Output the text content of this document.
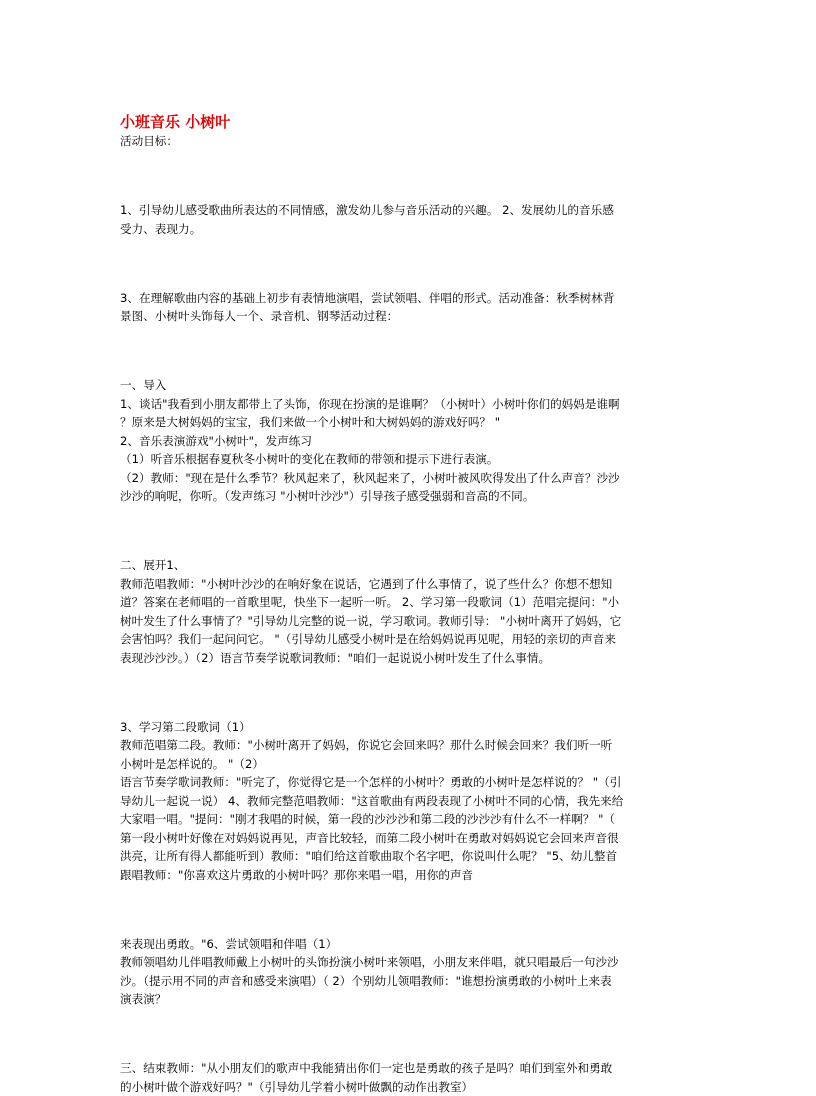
小班音乐 小树叶

活动目标：

1、引导幼儿感受歌曲所表达的不同情感，激发幼儿参与音乐活动的兴趣。 2、发展幼儿的音乐感

受力、表现力。

3、在理解歌曲内容的基础上初步有表情地演唱，尝试领唱、伴唱的形式。活动准备：秋季树林背

景图、小树叶头饰每人一个、录音机、钢琴活动过程：

一、导入

1、谈话"我看到小朋友都带上了头饰，你现在扮演的是谁啊？（小树叶）小树叶你们的妈妈是谁啊

？原来是大树妈妈的宝宝，我们来做一个小树叶和大树妈妈的游戏好吗？ "

2、音乐表演游戏"小树叶"，发声练习

（1）听音乐根据春夏秋冬小树叶的变化在教师的带领和提示下进行表演。

（2）教师："现在是什么季节？秋风起来了，秋风起来了，小树叶被风吹得发出了什么声音？沙沙

沙沙的响呢，你听。（发声练习 "小树叶沙沙"）引导孩子感受强弱和音高的不同。

二、展开1、

教师范唱教师："小树叶沙沙的在响好象在说话，它遇到了什么事情了，说了些什么？你想不想知

道？答案在老师唱的一首歌里呢，快坐下一起听一听。 2、学习第一段歌词（1）范唱完提问："小

树叶发生了什么事情了？"引导幼儿完整的说一说，学习歌词。教师引导： "小树叶离开了妈妈，它

会害怕吗？我们一起问问它。 "（引导幼儿感受小树叶是在给妈妈说再见呢，用轻的亲切的声音来

表现沙沙沙。）（2）语言节奏学说歌词教师："咱们一起说说小树叶发生了什么事情。

3、学习第二段歌词（1）

教师范唱第二段。教师："小树叶离开了妈妈，你说它会回来吗？那什么时候会回来？我们听一听

小树叶是怎样说的。 "（2）

语言节奏学歌词教师："听完了，你觉得它是一个怎样的小树叶？勇敢的小树叶是怎样说的？ "（引

导幼儿一起说一说） 4、教师完整范唱教师："这首歌曲有两段表现了小树叶不同的心情，我先来给

大家唱一唱。"提问："刚才我唱的时候，第一段的沙沙沙和第二段的沙沙沙有什么不一样啊？ "（

第一段小树叶好像在对妈妈说再见，声音比较轻，而第二段小树叶在勇敢对妈妈说它会回来声音很

洪亮，让所有得人都能听到）教师："咱们给这首歌曲取个名字吧，你说叫什么呢？ "5、幼儿整首

跟唱教师："你喜欢这片勇敢的小树叶吗？那你来唱一唱，用你的声音

来表现出勇敢。"6、尝试领唱和伴唱（1）

教师领唱幼儿伴唱教师戴上小树叶的头饰扮演小树叶来领唱，小朋友来伴唱，就只唱最后一句沙沙

沙。（提示用不同的声音和感受来演唱）（ 2）个别幼儿领唱教师："谁想扮演勇敢的小树叶上来表

演表演？

三、结束教师："从小朋友们的歌声中我能猜出你们一定也是勇敢的孩子是吗？咱们到室外和勇敢

的小树叶做个游戏好吗？"（引导幼儿学着小树叶做飘的动作出教室）
